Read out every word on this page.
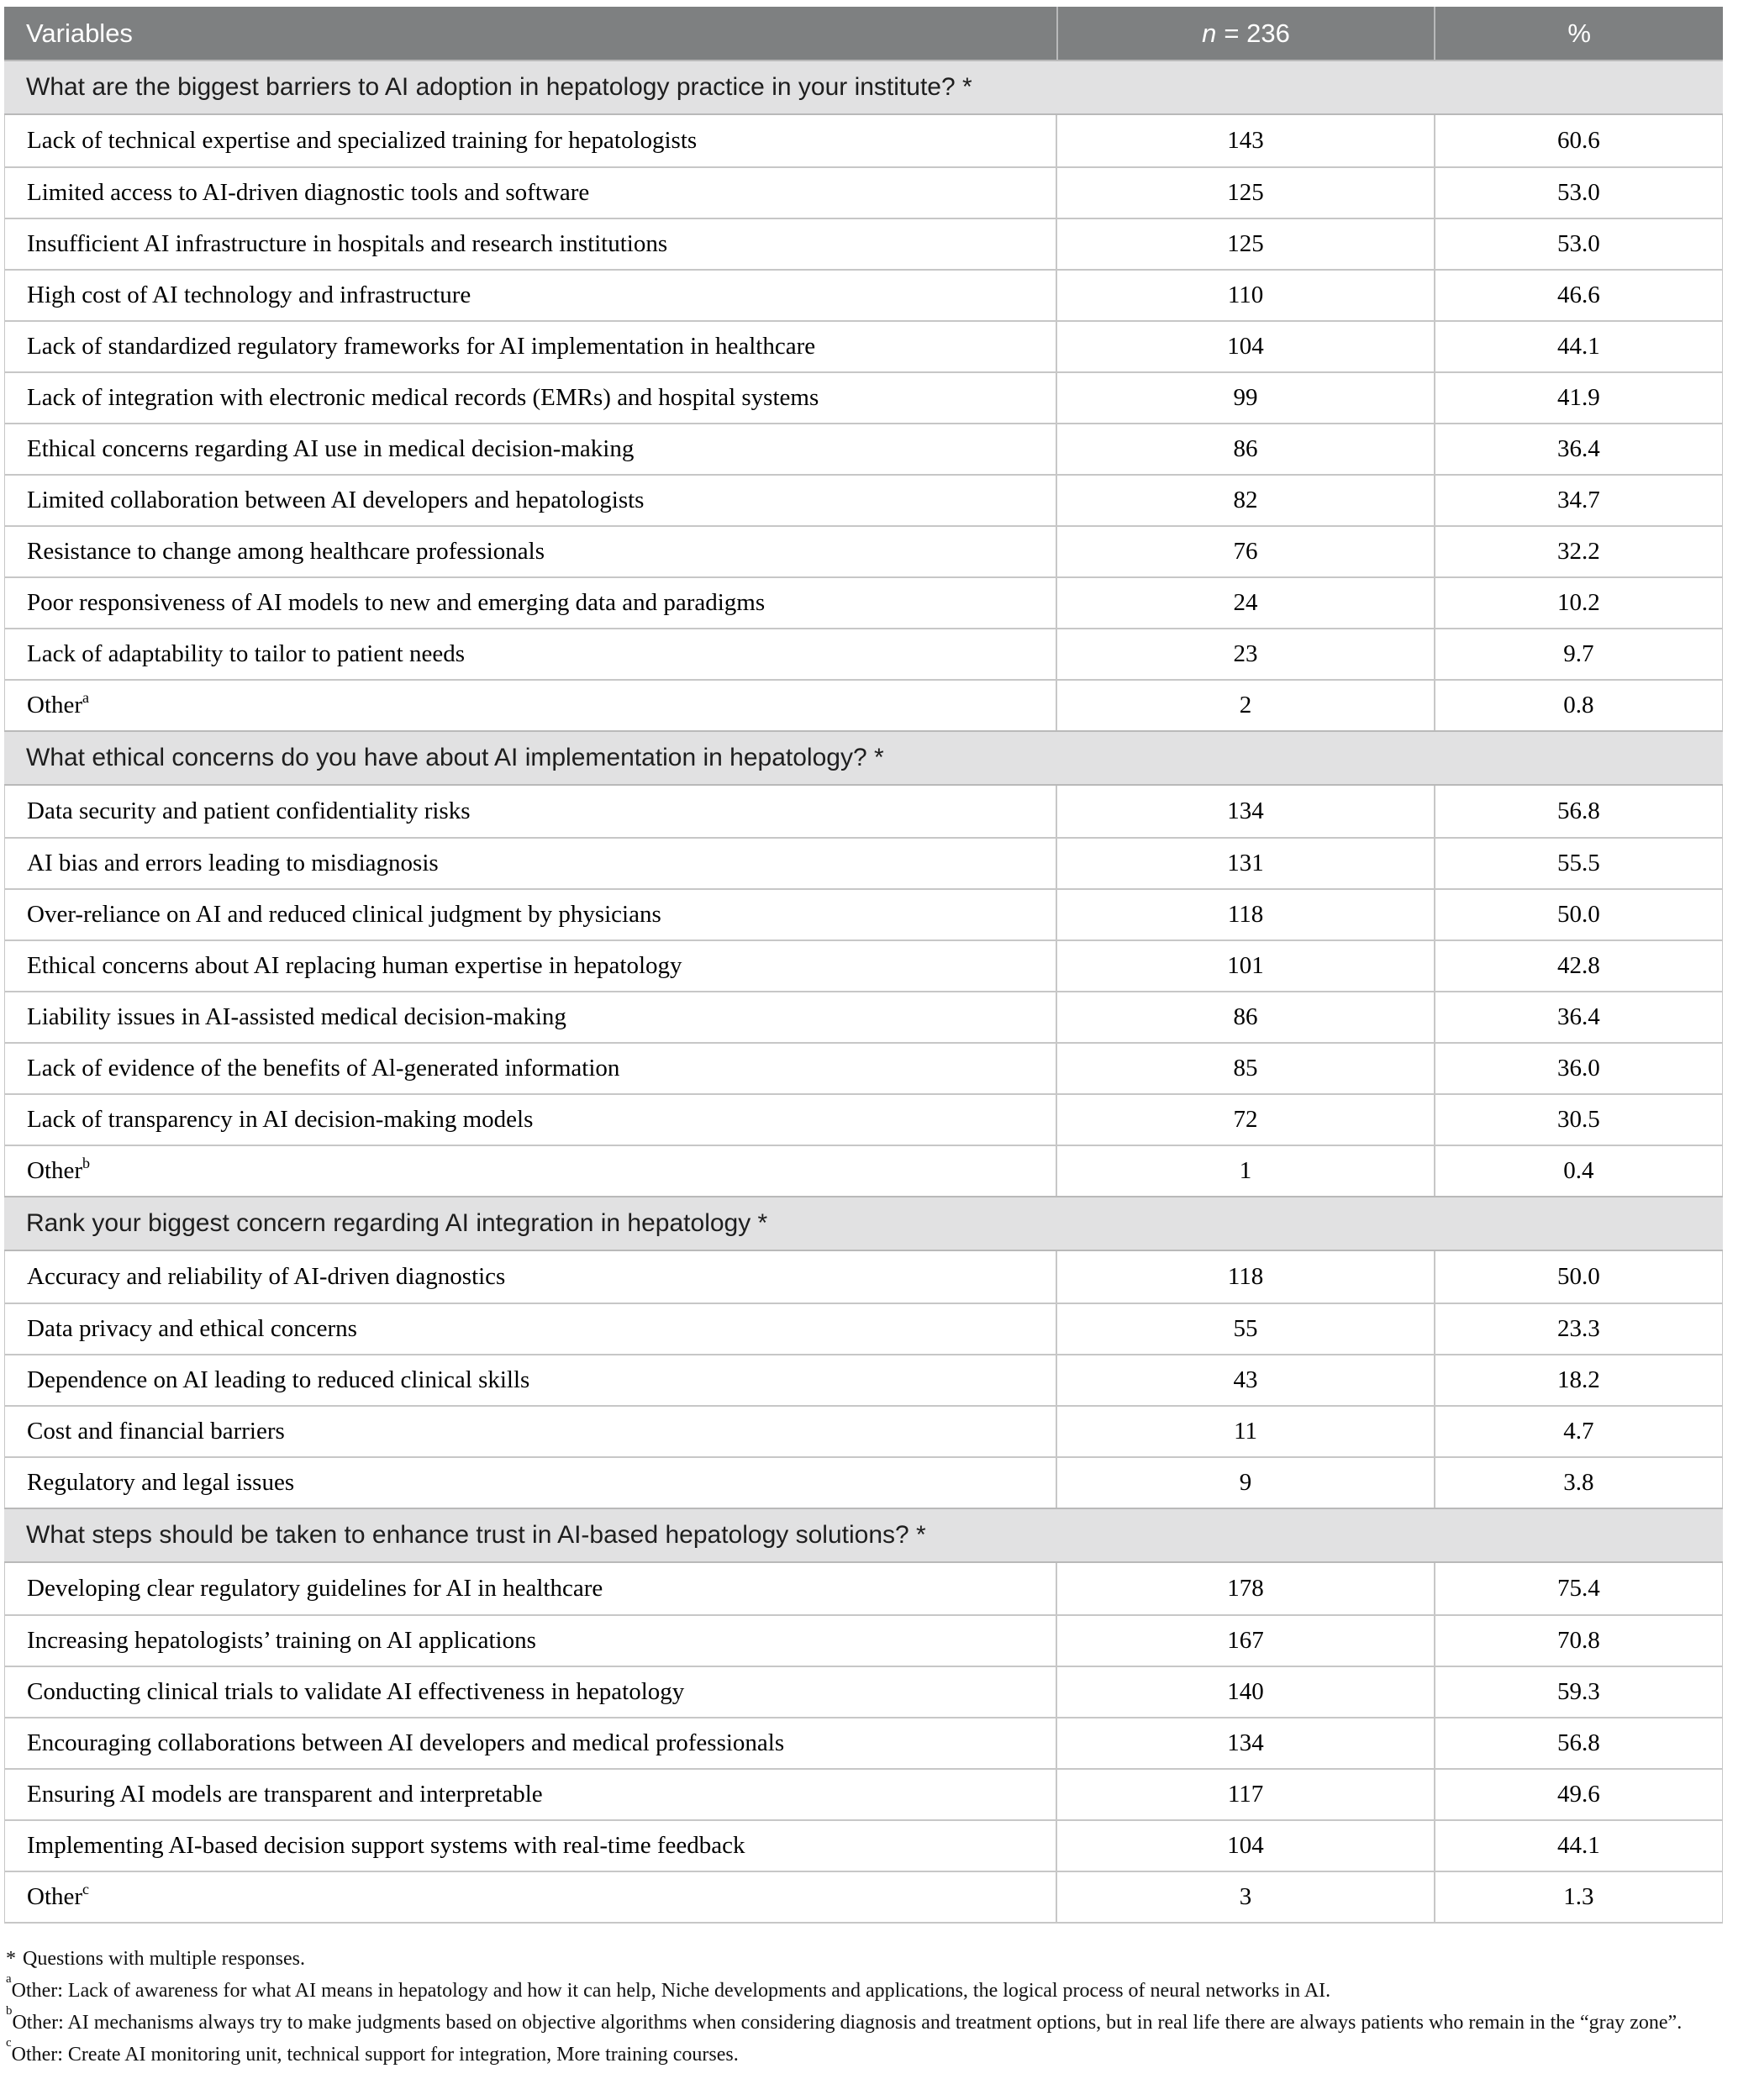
Variables	n = 236	%
What are the biggest barriers to AI adoption in hepatology practice in your institute? *
Lack of technical expertise and specialized training for hepatologists	143	60.6
Limited access to AI-driven diagnostic tools and software	125	53.0
Insufficient AI infrastructure in hospitals and research institutions	125	53.0
High cost of AI technology and infrastructure	110	46.6
Lack of standardized regulatory frameworks for AI implementation in healthcare	104	44.1
Lack of integration with electronic medical records (EMRs) and hospital systems	99	41.9
Ethical concerns regarding AI use in medical decision-making	86	36.4
Limited collaboration between AI developers and hepatologists	82	34.7
Resistance to change among healthcare professionals	76	32.2
Poor responsiveness of AI models to new and emerging data and paradigms	24	10.2
Lack of adaptability to tailor to patient needs	23	9.7
Other$^a$	2	0.8
What ethical concerns do you have about AI implementation in hepatology? *
Data security and patient confidentiality risks	134	56.8
AI bias and errors leading to misdiagnosis	131	55.5
Over-reliance on AI and reduced clinical judgment by physicians	118	50.0
Ethical concerns about AI replacing human expertise in hepatology	101	42.8
Liability issues in AI-assisted medical decision-making	86	36.4
Lack of evidence of the benefits of Al-generated information	85	36.0
Lack of transparency in AI decision-making models	72	30.5
Other$^b$	1	0.4
Rank your biggest concern regarding AI integration in hepatology *
Accuracy and reliability of AI-driven diagnostics	118	50.0
Data privacy and ethical concerns	55	23.3
Dependence on AI leading to reduced clinical skills	43	18.2
Cost and financial barriers	11	4.7
Regulatory and legal issues	9	3.8
What steps should be taken to enhance trust in AI-based hepatology solutions? *
Developing clear regulatory guidelines for AI in healthcare	178	75.4
Increasing hepatologists’ training on AI applications	167	70.8
Conducting clinical trials to validate AI effectiveness in hepatology	140	59.3
Encouraging collaborations between AI developers and medical professionals	134	56.8
Ensuring AI models are transparent and interpretable	117	49.6
Implementing AI-based decision support systems with real-time feedback	104	44.1
Other$^c$	3	1.3
* Questions with multiple responses.
$^a$Other: Lack of awareness for what AI means in hepatology and how it can help, Niche developments and applications, the logical process of neural networks in AI.
$^b$Other: AI mechanisms always try to make judgments based on objective algorithms when considering diagnosis and treatment options, but in real life there are always patients who remain in the “gray zone”.
$^c$Other: Create AI monitoring unit, technical support for integration, More training courses.
